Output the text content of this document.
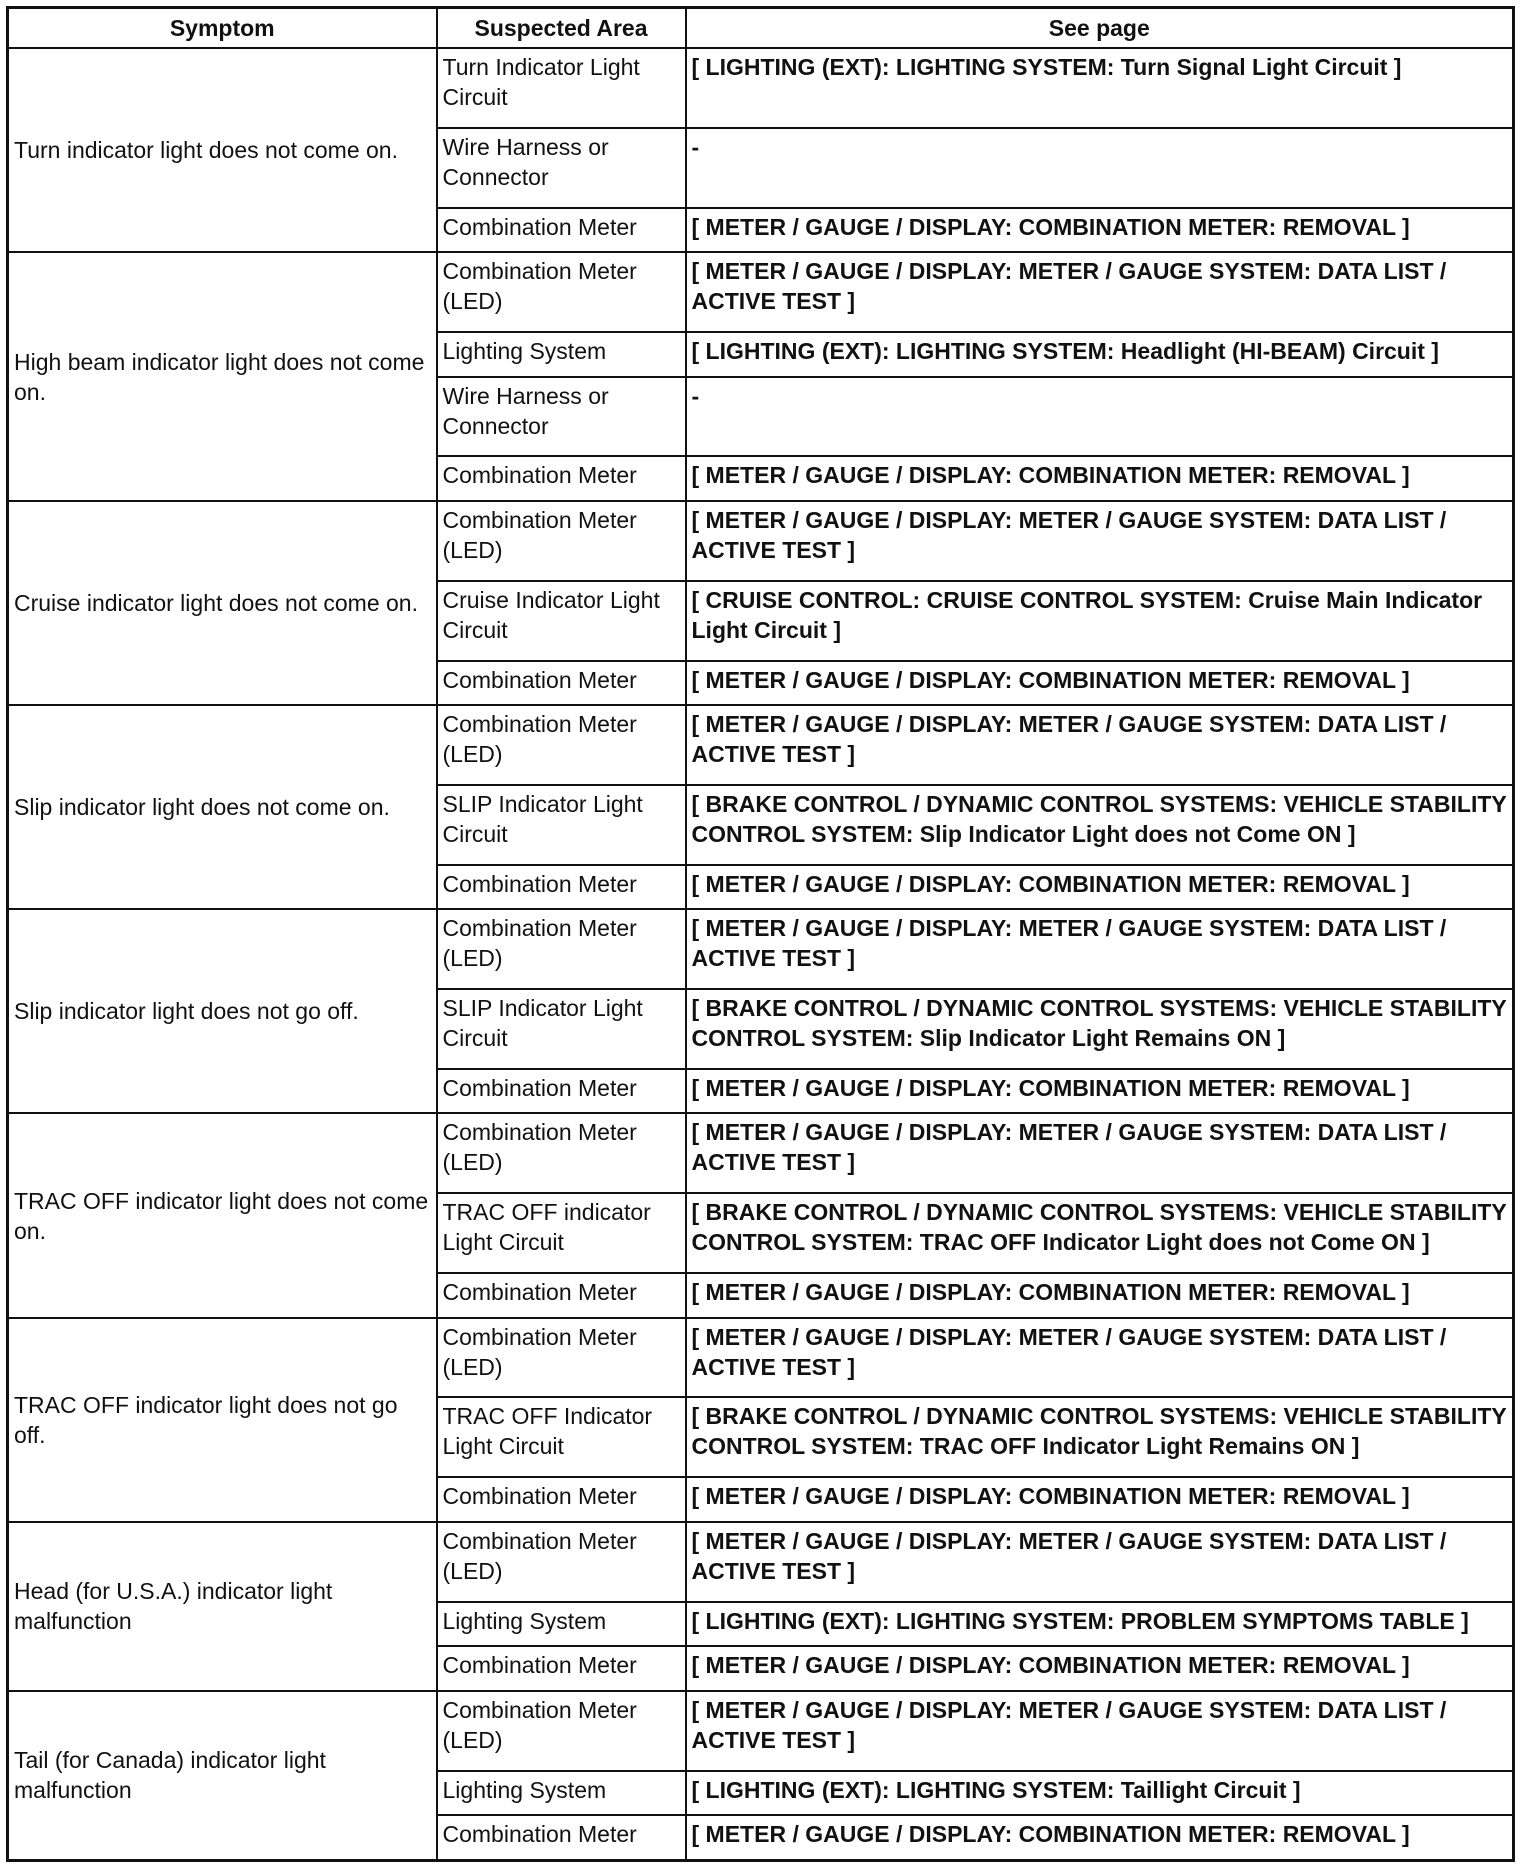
Symptom	Suspected Area	See page
Turn indicator light does not come on.	Turn Indicator Light Circuit	[ LIGHTING (EXT): LIGHTING SYSTEM: Turn Signal Light Circuit ]
	Wire Harness or Connector	-
	Combination Meter	[ METER / GAUGE / DISPLAY: COMBINATION METER: REMOVAL ]
High beam indicator light does not come on.	Combination Meter (LED)	[ METER / GAUGE / DISPLAY: METER / GAUGE SYSTEM: DATA LIST / ACTIVE TEST ]
	Lighting System	[ LIGHTING (EXT): LIGHTING SYSTEM: Headlight (HI-BEAM) Circuit ]
	Wire Harness or Connector	-
	Combination Meter	[ METER / GAUGE / DISPLAY: COMBINATION METER: REMOVAL ]
Cruise indicator light does not come on.	Combination Meter (LED)	[ METER / GAUGE / DISPLAY: METER / GAUGE SYSTEM: DATA LIST / ACTIVE TEST ]
	Cruise Indicator Light Circuit	[ CRUISE CONTROL: CRUISE CONTROL SYSTEM: Cruise Main Indicator Light Circuit ]
	Combination Meter	[ METER / GAUGE / DISPLAY: COMBINATION METER: REMOVAL ]
Slip indicator light does not come on.	Combination Meter (LED)	[ METER / GAUGE / DISPLAY: METER / GAUGE SYSTEM: DATA LIST / ACTIVE TEST ]
	SLIP Indicator Light Circuit	[ BRAKE CONTROL / DYNAMIC CONTROL SYSTEMS: VEHICLE STABILITY CONTROL SYSTEM: Slip Indicator Light does not Come ON ]
	Combination Meter	[ METER / GAUGE / DISPLAY: COMBINATION METER: REMOVAL ]
Slip indicator light does not go off.	Combination Meter (LED)	[ METER / GAUGE / DISPLAY: METER / GAUGE SYSTEM: DATA LIST / ACTIVE TEST ]
	SLIP Indicator Light Circuit	[ BRAKE CONTROL / DYNAMIC CONTROL SYSTEMS: VEHICLE STABILITY CONTROL SYSTEM: Slip Indicator Light Remains ON ]
	Combination Meter	[ METER / GAUGE / DISPLAY: COMBINATION METER: REMOVAL ]
TRAC OFF indicator light does not come on.	Combination Meter (LED)	[ METER / GAUGE / DISPLAY: METER / GAUGE SYSTEM: DATA LIST / ACTIVE TEST ]
	TRAC OFF indicator Light Circuit	[ BRAKE CONTROL / DYNAMIC CONTROL SYSTEMS: VEHICLE STABILITY CONTROL SYSTEM: TRAC OFF Indicator Light does not Come ON ]
	Combination Meter	[ METER / GAUGE / DISPLAY: COMBINATION METER: REMOVAL ]
TRAC OFF indicator light does not go off.	Combination Meter (LED)	[ METER / GAUGE / DISPLAY: METER / GAUGE SYSTEM: DATA LIST / ACTIVE TEST ]
	TRAC OFF Indicator Light Circuit	[ BRAKE CONTROL / DYNAMIC CONTROL SYSTEMS: VEHICLE STABILITY CONTROL SYSTEM: TRAC OFF Indicator Light Remains ON ]
	Combination Meter	[ METER / GAUGE / DISPLAY: COMBINATION METER: REMOVAL ]
Head (for U.S.A.) indicator light malfunction	Combination Meter (LED)	[ METER / GAUGE / DISPLAY: METER / GAUGE SYSTEM: DATA LIST / ACTIVE TEST ]
	Lighting System	[ LIGHTING (EXT): LIGHTING SYSTEM: PROBLEM SYMPTOMS TABLE ]
	Combination Meter	[ METER / GAUGE / DISPLAY: COMBINATION METER: REMOVAL ]
Tail (for Canada) indicator light malfunction	Combination Meter (LED)	[ METER / GAUGE / DISPLAY: METER / GAUGE SYSTEM: DATA LIST / ACTIVE TEST ]
	Lighting System	[ LIGHTING (EXT): LIGHTING SYSTEM: Taillight Circuit ]
	Combination Meter	[ METER / GAUGE / DISPLAY: COMBINATION METER: REMOVAL ]
